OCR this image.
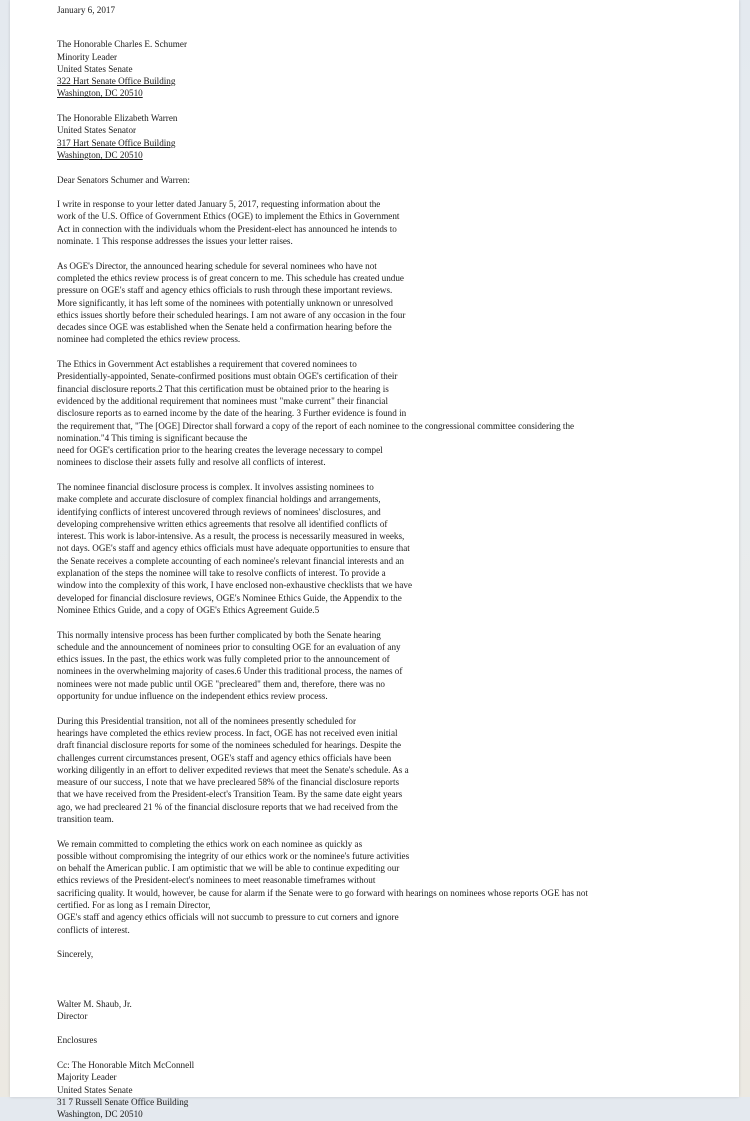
January 6, 2017
The Honorable Charles E. Schumer
Minority Leader
United States Senate
322 Hart Senate Office Building
Washington, DC 20510
The Honorable Elizabeth Warren
United States Senator
317 Hart Senate Office Building
Washington, DC 20510
Dear Senators Schumer and Warren:
I write in response to your letter dated January 5, 2017, requesting information about the
work of the U.S. Office of Government Ethics (OGE) to implement the Ethics in Government
Act in connection with the individuals whom the President-elect has announced he intends to
nominate. 1 This response addresses the issues your letter raises.
As OGE's Director, the announced hearing schedule for several nominees who have not
completed the ethics review process is of great concern to me. This schedule has created undue
pressure on OGE's staff and agency ethics officials to rush through these important reviews.
More significantly, it has left some of the nominees with potentially unknown or unresolved
ethics issues shortly before their scheduled hearings. I am not aware of any occasion in the four
decades since OGE was established when the Senate held a confirmation hearing before the
nominee had completed the ethics review process.
The Ethics in Government Act establishes a requirement that covered nominees to
Presidentially-appointed, Senate-confirmed positions must obtain OGE's certification of their
financial disclosure reports.2 That this certification must be obtained prior to the hearing is
evidenced by the additional requirement that nominees must "make current" their financial
disclosure reports as to earned income by the date of the hearing. 3 Further evidence is found in
the requirement that, "The [OGE] Director shall forward a copy of the report of each nominee to the congressional committee considering the
nomination."4 This timing is significant because the
need for OGE's certification prior to the hearing creates the leverage necessary to compel
nominees to disclose their assets fully and resolve all conflicts of interest.
The nominee financial disclosure process is complex. It involves assisting nominees to
make complete and accurate disclosure of complex financial holdings and arrangements,
identifying conflicts of interest uncovered through reviews of nominees' disclosures, and
developing comprehensive written ethics agreements that resolve all identified conflicts of
interest. This work is labor-intensive. As a result, the process is necessarily measured in weeks,
not days. OGE's staff and agency ethics officials must have adequate opportunities to ensure that
the Senate receives a complete accounting of each nominee's relevant financial interests and an
explanation of the steps the nominee will take to resolve conflicts of interest. To provide a
window into the complexity of this work, I have enclosed non-exhaustive checklists that we have
developed for financial disclosure reviews, OGE's Nominee Ethics Guide, the Appendix to the
Nominee Ethics Guide, and a copy of OGE's Ethics Agreement Guide.5
This normally intensive process has been further complicated by both the Senate hearing
schedule and the announcement of nominees prior to consulting OGE for an evaluation of any
ethics issues. In the past, the ethics work was fully completed prior to the announcement of
nominees in the overwhelming majority of cases.6 Under this traditional process, the names of
nominees were not made public until OGE "precleared" them and, therefore, there was no
opportunity for undue influence on the independent ethics review process.
During this Presidential transition, not all of the nominees presently scheduled for
hearings have completed the ethics review process. In fact, OGE has not received even initial
draft financial disclosure reports for some of the nominees scheduled for hearings. Despite the
challenges current circumstances present, OGE's staff and agency ethics officials have been
working diligently in an effort to deliver expedited reviews that meet the Senate's schedule. As a
measure of our success, I note that we have precleared 58% of the financial disclosure reports
that we have received from the President-elect's Transition Team. By the same date eight years
ago, we had precleared 21 % of the financial disclosure reports that we had received from the
transition team.
We remain committed to completing the ethics work on each nominee as quickly as
possible without compromising the integrity of our ethics work or the nominee's future activities
on behalf the American public. I am optimistic that we will be able to continue expediting our
ethics reviews of the President-elect's nominees to meet reasonable timeframes without
sacrificing quality. It would, however, be cause for alarm if the Senate were to go forward with hearings on nominees whose reports OGE has not
certified. For as long as I remain Director,
OGE's staff and agency ethics officials will not succumb to pressure to cut corners and ignore
conflicts of interest.
Sincerely,
Walter M. Shaub, Jr.
Director
Enclosures
Cc: The Honorable Mitch McConnell
Majority Leader
United States Senate
31 7 Russell Senate Office Building
Washington, DC 20510
